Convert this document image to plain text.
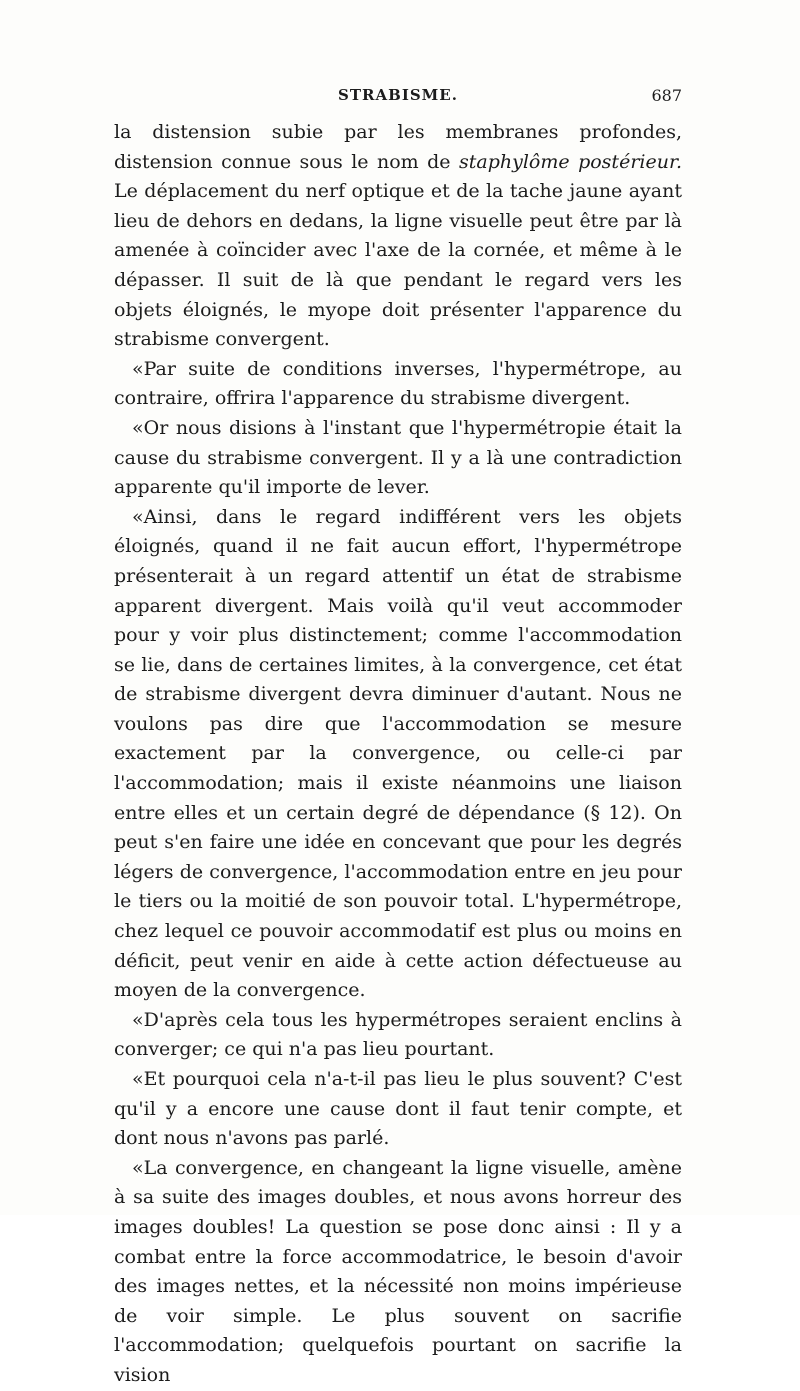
STRABISME.	687

la distension subie par les membranes profondes, distension connue sous le nom de staphylôme postérieur. Le déplacement du nerf optique et de la tache jaune ayant lieu de dehors en dedans, la ligne visuelle peut être par là amenée à coïncider avec l'axe de la cornée, et même à le dépasser. Il suit de là que pendant le regard vers les objets éloignés, le myope doit présenter l'apparence du strabisme convergent.

«Par suite de conditions inverses, l'hypermétrope, au contraire, offrira l'apparence du strabisme divergent.

«Or nous disions à l'instant que l'hypermétropie était la cause du strabisme convergent. Il y a là une contradiction apparente qu'il importe de lever.

«Ainsi, dans le regard indifférent vers les objets éloignés, quand il ne fait aucun effort, l'hypermétrope présenterait à un regard attentif un état de strabisme apparent divergent. Mais voilà qu'il veut accommoder pour y voir plus distinctement; comme l'accommodation se lie, dans de certaines limites, à la convergence, cet état de strabisme divergent devra diminuer d'autant. Nous ne voulons pas dire que l'accommodation se mesure exactement par la convergence, ou celle-ci par l'accommodation; mais il existe néanmoins une liaison entre elles et un certain degré de dépendance (§ 12). On peut s'en faire une idée en concevant que pour les degrés légers de convergence, l'accommodation entre en jeu pour le tiers ou la moitié de son pouvoir total. L'hypermétrope, chez lequel ce pouvoir accommodatif est plus ou moins en déficit, peut venir en aide à cette action défectueuse au moyen de la convergence.

«D'après cela tous les hypermétropes seraient enclins à converger; ce qui n'a pas lieu pourtant.

«Et pourquoi cela n'a-t-il pas lieu le plus souvent? C'est qu'il y a encore une cause dont il faut tenir compte, et dont nous n'avons pas parlé.

«La convergence, en changeant la ligne visuelle, amène à sa suite des images doubles, et nous avons horreur des images doubles! La question se pose donc ainsi : Il y a combat entre la force accommodatrice, le besoin d'avoir des images nettes, et la nécessité non moins impérieuse de voir simple. Le plus souvent on sacrifie l'accommodation; quelquefois pourtant on sacrifie la vision
